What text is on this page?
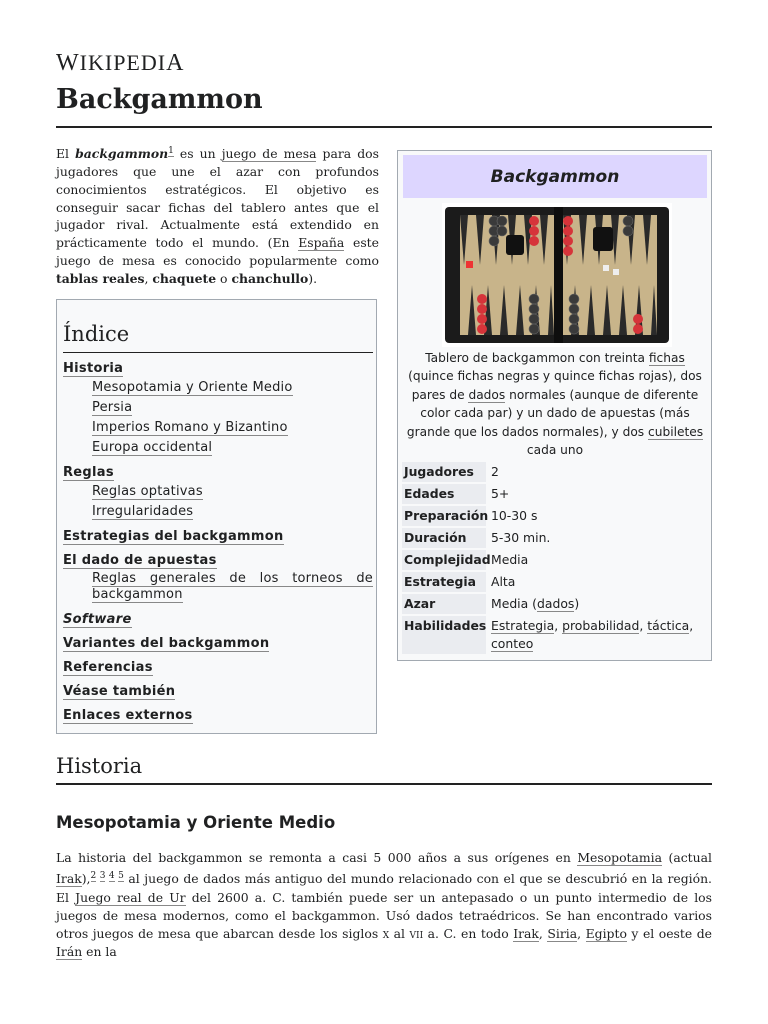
WIKIPEDIA
Backgammon
El backgammon$^1$ es un juego de mesa para dos jugadores que une el azar con profundos conocimientos estratégicos. El objetivo es conseguir sacar fichas del tablero antes que el jugador rival. Actualmente está extendido en prácticamente todo el mundo. (En España este juego de mesa es conocido popularmente como tablas reales, chaquete o chanchullo).
Índice
Historia
Mesopotamia y Oriente Medio
Persia
Imperios Romano y Bizantino
Europa occidental
Reglas
Reglas optativas
Irregularidades
Estrategias del backgammon
El dado de apuestas
Reglas generales de los torneos de backgammon
Software
Variantes del backgammon
Referencias
Véase también
Enlaces externos
Backgammon
Tablero de backgammon con treinta fichas (quince fichas negras y quince fichas rojas), dos pares de dados normales (aunque de diferente color cada par) y un dado de apuestas (más grande que los dados normales), y dos cubiletes cada uno
Jugadores	2
Edades	5+
Preparación 10-30 s
Duración	5-30 min.
Complejidad Media
Estrategia	Alta
Azar	Media (dados)
Habilidades Estrategia, probabilidad, táctica,
conteo
Historia
Mesopotamia y Oriente Medio
La historia del backgammon se remonta a casi 5 000 años a sus orígenes en Mesopotamia (actual Irak),$^{2 3 4 5}$ al juego de dados más antiguo del mundo relacionado con el que se descubrió en la región. El Juego real de Ur del 2600 a. C. también puede ser un antepasado o un punto intermedio de los juegos de mesa modernos, como el backgammon. Usó dados tetraédricos. Se han encontrado varios otros juegos de mesa que abarcan desde los siglos x al vii a. C. en todo Irak, Siria, Egipto y el oeste de Irán en la
